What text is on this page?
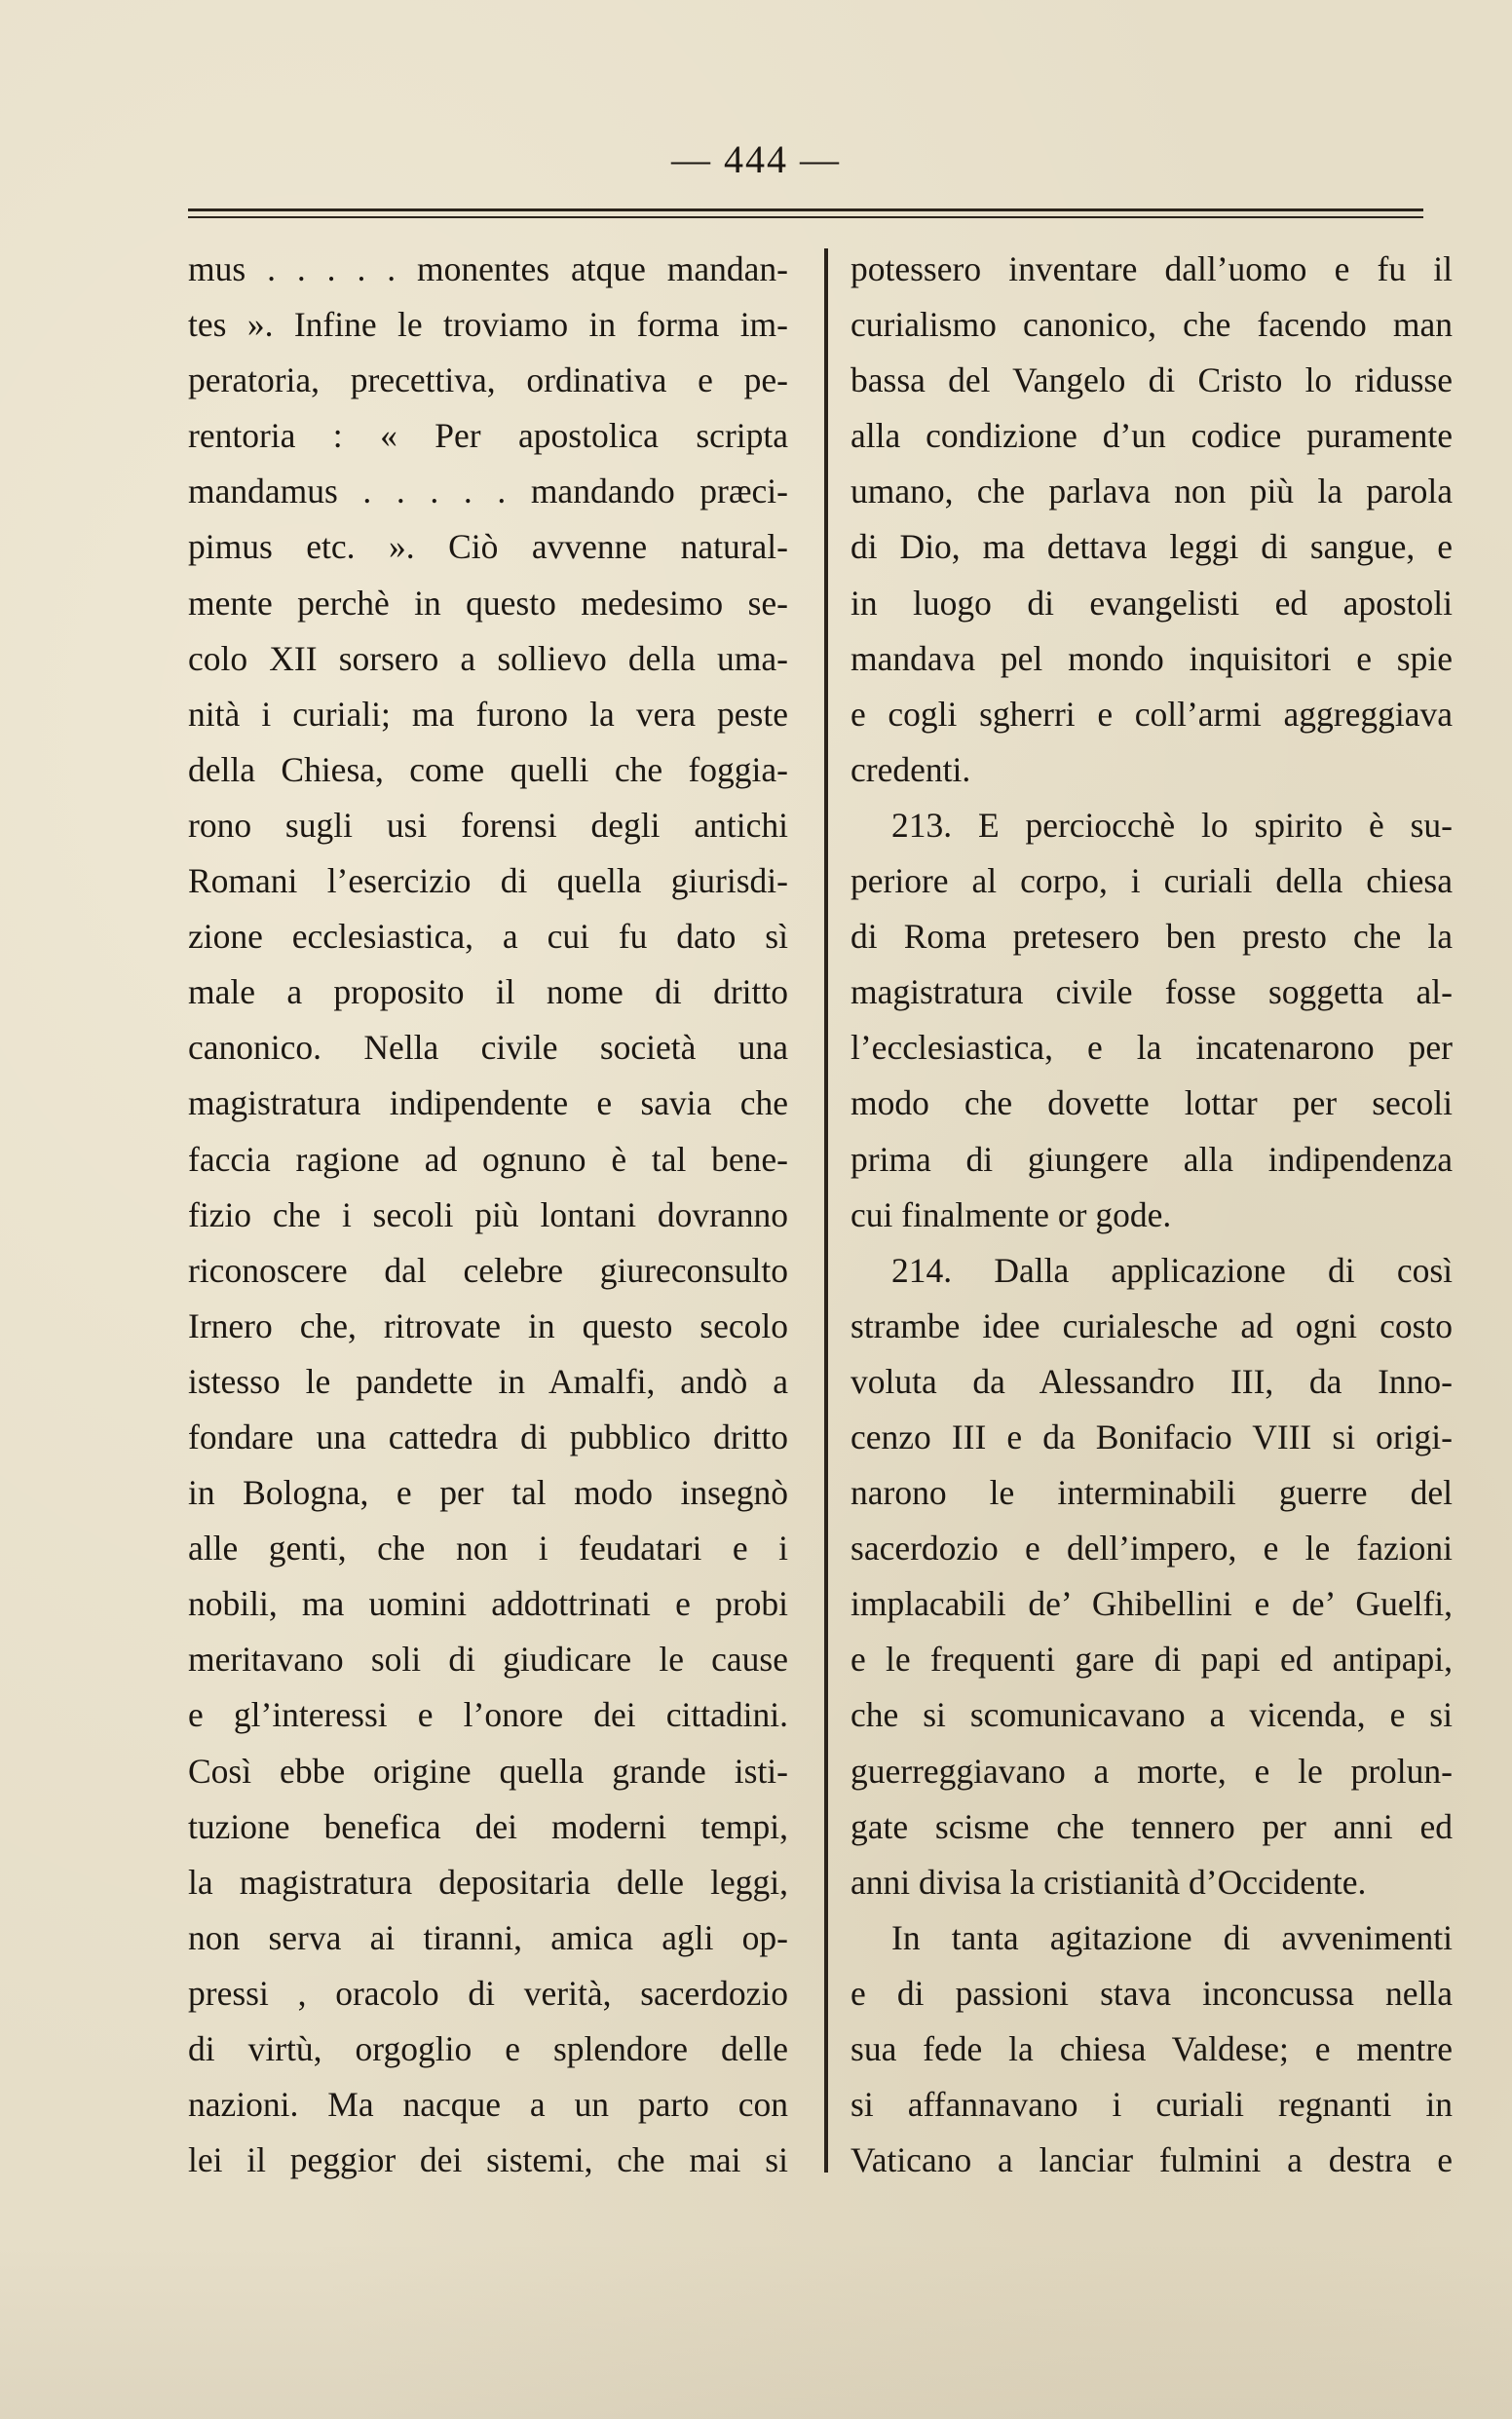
— 444 —
mus . . . . . monentes atque mandan-
tes ». Infine le troviamo in forma im-
peratoria, precettiva, ordinativa e pe-
rentoria : « Per apostolica scripta
mandamus . . . . . mandando præci-
pimus etc. ». Ciò avvenne natural-
mente perchè in questo medesimo se-
colo XII sorsero a sollievo della uma-
nità i curiali; ma furono la vera peste
della Chiesa, come quelli che foggia-
rono sugli usi forensi degli antichi
Romani l’esercizio di quella giurisdi-
zione ecclesiastica, a cui fu dato sì
male a proposito il nome di dritto
canonico. Nella civile società una
magistratura indipendente e savia che
faccia ragione ad ognuno è tal bene-
fizio che i secoli più lontani dovranno
riconoscere dal celebre giureconsulto
Irnero che, ritrovate in questo secolo
istesso le pandette in Amalfi, andò a
fondare una cattedra di pubblico dritto
in Bologna, e per tal modo insegnò
alle genti, che non i feudatari e i
nobili, ma uomini addottrinati e probi
meritavano soli di giudicare le cause
e gl’interessi e l’onore dei cittadini.
Così ebbe origine quella grande isti-
tuzione benefica dei moderni tempi,
la magistratura depositaria delle leggi,
non serva ai tiranni, amica agli op-
pressi , oracolo di verità, sacerdozio
di virtù, orgoglio e splendore delle
nazioni. Ma nacque a un parto con
lei il peggior dei sistemi, che mai si
potessero inventare dall’uomo e fu il
curialismo canonico, che facendo man
bassa del Vangelo di Cristo lo ridusse
alla condizione d’un codice puramente
umano, che parlava non più la parola
di Dio, ma dettava leggi di sangue, e
in luogo di evangelisti ed apostoli
mandava pel mondo inquisitori e spie
e cogli sgherri e coll’armi aggreggiava
credenti.
213. E perciocchè lo spirito è su-
periore al corpo, i curiali della chiesa
di Roma pretesero ben presto che la
magistratura civile fosse soggetta al-
l’ecclesiastica, e la incatenarono per
modo che dovette lottar per secoli
prima di giungere alla indipendenza
cui finalmente or gode.
214. Dalla applicazione di così
strambe idee curialesche ad ogni costo
voluta da Alessandro III, da Inno-
cenzo III e da Bonifacio VIII si origi-
narono le interminabili guerre del
sacerdozio e dell’impero, e le fazioni
implacabili de’ Ghibellini e de’ Guelfi,
e le frequenti gare di papi ed antipapi,
che si scomunicavano a vicenda, e si
guerreggiavano a morte, e le prolun-
gate scisme che tennero per anni ed
anni divisa la cristianità d’Occidente.
In tanta agitazione di avvenimenti
e di passioni stava inconcussa nella
sua fede la chiesa Valdese; e mentre
si affannavano i curiali regnanti in
Vaticano a lanciar fulmini a destra e
